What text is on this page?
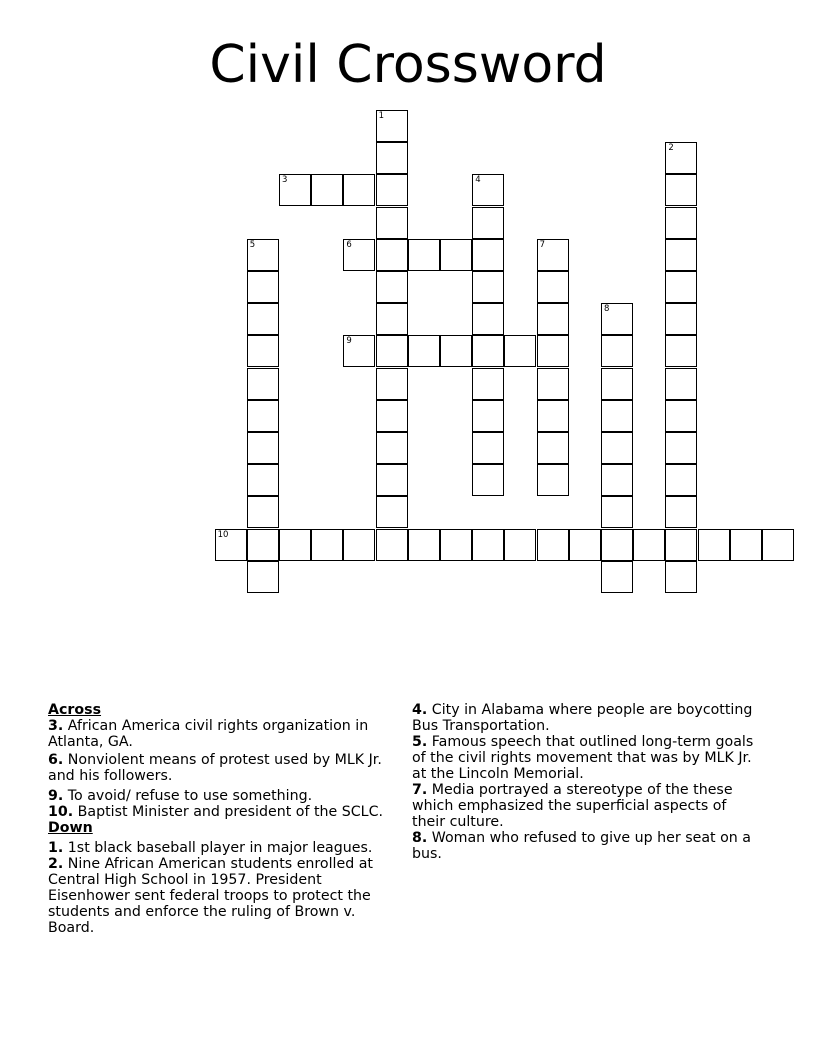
Civil Crossword
1
2
3	4
5	6	7
8
9
10
Across

3. African America civil rights organization in Atlanta, GA.

6. Nonviolent means of protest used by MLK Jr. and his followers.

9. To avoid/ refuse to use something.

10. Baptist Minister and president of the SCLC.

Down

1. 1st black baseball player in major leagues.

2. Nine African American students enrolled at Central High School in 1957. President Eisenhower sent federal troops to protect the students and enforce the ruling of Brown v. Board.

4. City in Alabama where people are boycotting Bus Transportation.

5. Famous speech that outlined long-term goals of the civil rights movement that was by MLK Jr. at the Lincoln Memorial.

7. Media portrayed a stereotype of the these which emphasized the superficial aspects of their culture.

8. Woman who refused to give up her seat on a bus.
